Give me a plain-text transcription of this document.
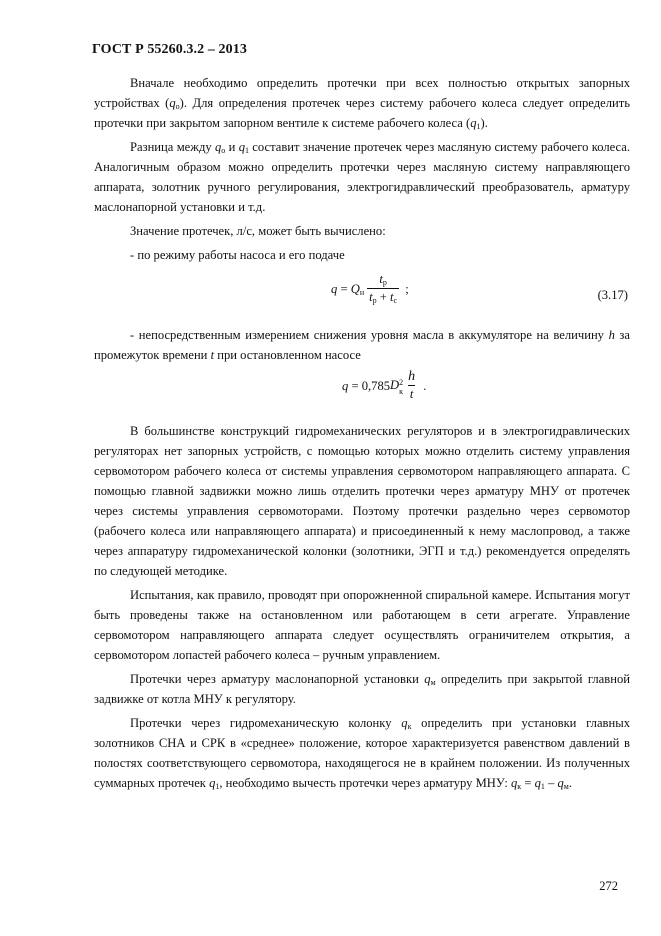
ГОСТ Р 55260.3.2 – 2013

Вначале необходимо определить протечки при всех полностью открытых запорных устройствах $(q_o)$. Для определения протечек через систему рабочего колеса следует определить протечки при закрытом запорном вентиле к системе рабочего колеса $(q_1)$.

Разница между $q_o$ и $q_1$ составит значение протечек через масляную систему рабочего колеса. Аналогичным образом можно определить протечки через масляную систему направляющего аппарата, золотник ручного регулирования, электрогидравлический преобразователь, арматуру маслонапорной установки и т.д.

Значение протечек, л/с, может быть вычислено:

- по режиму работы насоса и его подаче

$q = Q_н \frac{t_р}{t_р + t_с}$ ;	(3.17)

- непосредственным измерением снижения уровня масла в аккумуляторе на величину h за промежуток времени t при остановленном насосе

q = 0,785 D 2
к $\frac{h}{t}$ .

В большинстве конструкций гидромеханических регуляторов и в электрогидравлических регуляторах нет запорных устройств, с помощью которых можно отделить систему управления сервомотором рабочего колеса от системы управления сервомотором направляющего аппарата. С помощью главной задвижки можно лишь отделить протечки через арматуру МНУ от протечек через системы управления сервомоторами. Поэтому протечки раздельно через сервомотор (рабочего колеса или направляющего аппарата) и присоединенный к нему маслопровод, а также через аппаратуру гидромеханической колонки (золотники, ЭГП и т.д.) рекомендуется определять по следующей методике.

Испытания, как правило, проводят при опорожненной спиральной камере. Испытания могут быть проведены также на остановленном или работающем в сети агрегате. Управление сервомотором направляющего аппарата следует осуществлять ограничителем открытия, а сервомотором лопастей рабочего колеса – ручным управлением.

Протечки через арматуру маслонапорной установки $q_м$ определить при закрытой главной задвижке от котла МНУ к регулятору.

Протечки через гидромеханическую колонку $q_к$ определить при установки главных золотников СНА и СРК в «среднее» положение, которое характеризуется равенством давлений в полостях соответствующего сервомотора, находящегося не в крайнем положении. Из полученных суммарных протечек $q_1$, необходимо вычесть протечки через арматуру МНУ: $q_к = q_1 - q_м$.

272
